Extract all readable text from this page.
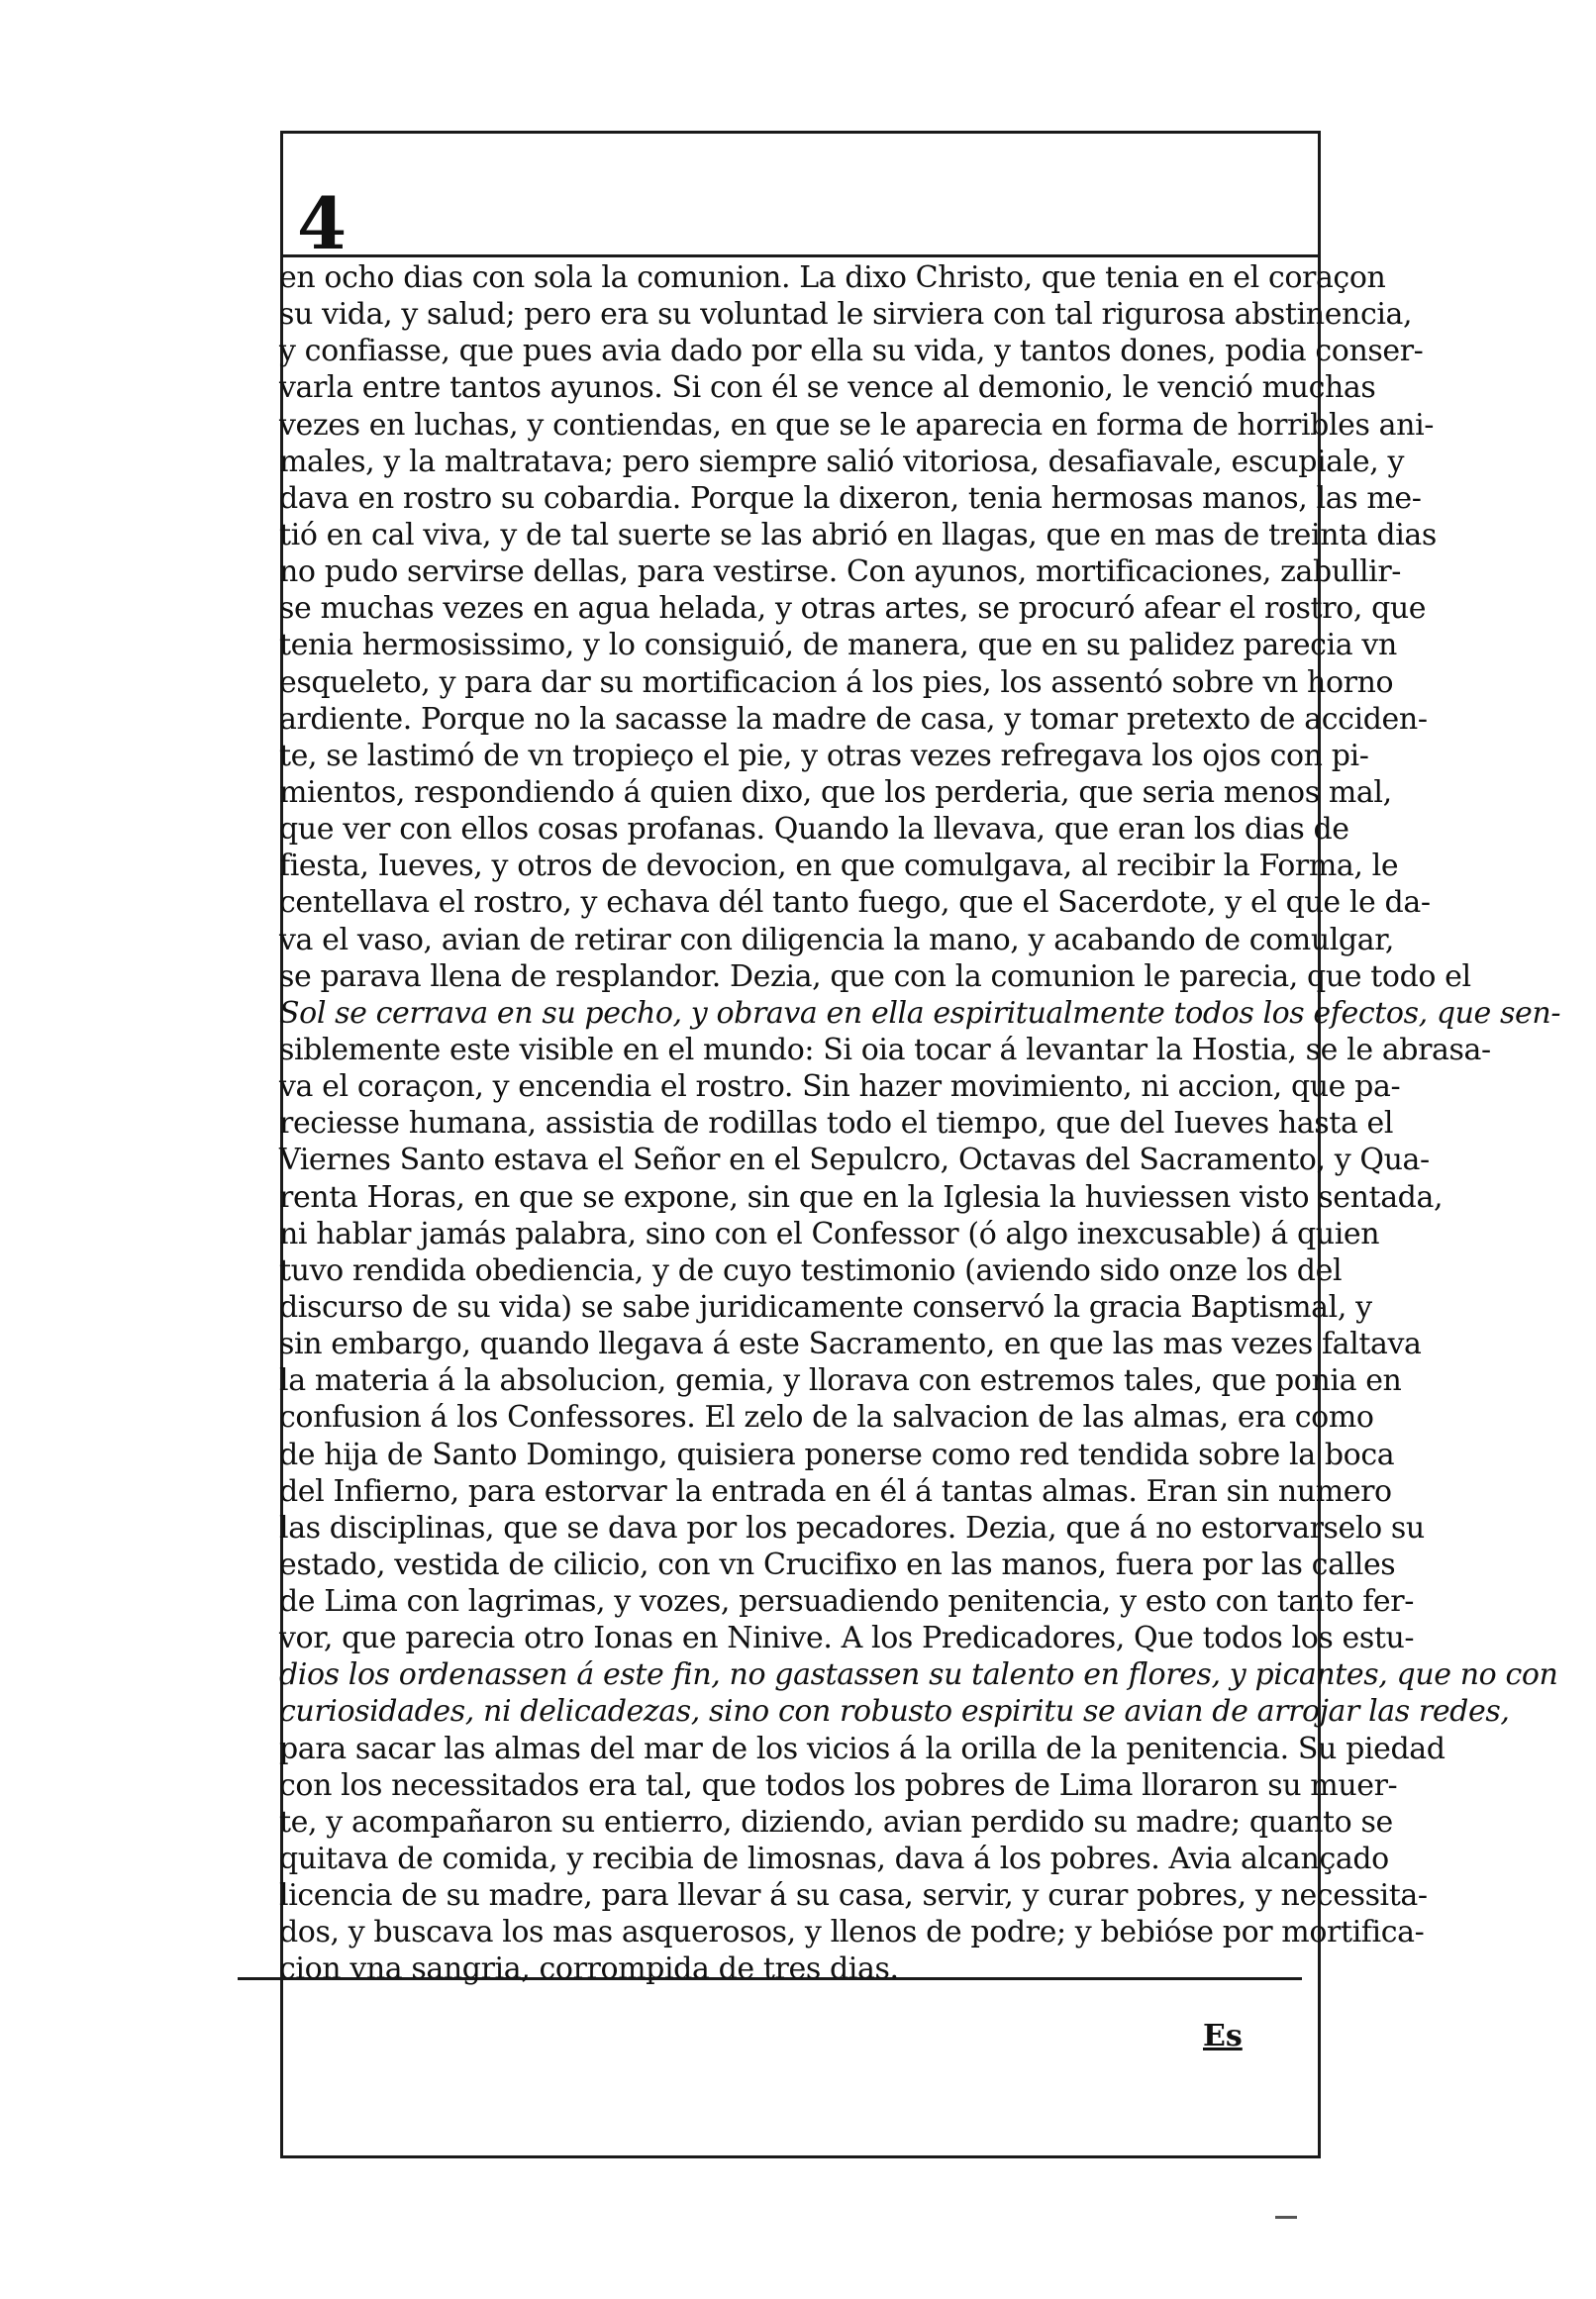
4
en ocho dias con sola la comunion. La dixo Christo, que tenia en el coraçon
su vida, y salud; pero era su voluntad le sirviera con tal rigurosa abstinencia,
y confiasse, que pues avia dado por ella su vida, y tantos dones, podia conser-
varla entre tantos ayunos. Si con él se vence al demonio, le venció muchas
vezes en luchas, y contiendas, en que se le aparecia en forma de horribles ani-
males, y la maltratava; pero siempre salió vitoriosa, desafiavale, escupiale, y
dava en rostro su cobardia. Porque la dixeron, tenia hermosas manos, las me-
tió en cal viva, y de tal suerte se las abrió en llagas, que en mas de treinta dias
no pudo servirse dellas, para vestirse. Con ayunos, mortificaciones, zabullir-
se muchas vezes en agua helada, y otras artes, se procuró afear el rostro, que
tenia hermosissimo, y lo consiguió, de manera, que en su palidez parecia vn
esqueleto, y para dar su mortificacion á los pies, los assentó sobre vn horno
ardiente. Porque no la sacasse la madre de casa, y tomar pretexto de acciden-
te, se lastimó de vn tropieço el pie, y otras vezes refregava los ojos con pi-
mientos, respondiendo á quien dixo, que los perderia, que seria menos mal,
que ver con ellos cosas profanas. Quando la llevava, que eran los dias de
fiesta, Iueves, y otros de devocion, en que comulgava, al recibir la Forma, le
centellava el rostro, y echava dél tanto fuego, que el Sacerdote, y el que le da-
va el vaso, avian de retirar con diligencia la mano, y acabando de comulgar,
se parava llena de resplandor. Dezia, que con la comunion le parecia, que todo el
Sol se cerrava en su pecho, y obrava en ella espiritualmente todos los efectos, que sen-
siblemente este visible en el mundo: Si oia tocar á levantar la Hostia, se le abrasa-
va el coraçon, y encendia el rostro. Sin hazer movimiento, ni accion, que pa-
reciesse humana, assistia de rodillas todo el tiempo, que del Iueves hasta el
Viernes Santo estava el Señor en el Sepulcro, Octavas del Sacramento, y Qua-
renta Horas, en que se expone, sin que en la Iglesia la huviessen visto sentada,
ni hablar jamás palabra, sino con el Confessor (ó algo inexcusable) á quien
tuvo rendida obediencia, y de cuyo testimonio (aviendo sido onze los del
discurso de su vida) se sabe juridicamente conservó la gracia Baptismal, y
sin embargo, quando llegava á este Sacramento, en que las mas vezes faltava
la materia á la absolucion, gemia, y llorava con estremos tales, que ponia en
confusion á los Confessores. El zelo de la salvacion de las almas, era como
de hija de Santo Domingo, quisiera ponerse como red tendida sobre la boca
del Infierno, para estorvar la entrada en él á tantas almas. Eran sin numero
las disciplinas, que se dava por los pecadores. Dezia, que á no estorvarselo su
estado, vestida de cilicio, con vn Crucifixo en las manos, fuera por las calles
de Lima con lagrimas, y vozes, persuadiendo penitencia, y esto con tanto fer-
vor, que parecia otro Ionas en Ninive. A los Predicadores, Que todos los estu-
dios los ordenassen á este fin, no gastassen su talento en flores, y picantes, que no con
curiosidades, ni delicadezas, sino con robusto espiritu se avian de arrojar las redes,
para sacar las almas del mar de los vicios á la orilla de la penitencia. Su piedad
con los necessitados era tal, que todos los pobres de Lima lloraron su muer-
te, y acompañaron su entierro, diziendo, avian perdido su madre; quanto se
quitava de comida, y recibia de limosnas, dava á los pobres. Avia alcançado
licencia de su madre, para llevar á su casa, servir, y curar pobres, y necessita-
dos, y buscava los mas asquerosos, y llenos de podre; y bebióse por mortifica-
cion vna sangria, corrompida de tres dias.
Es
